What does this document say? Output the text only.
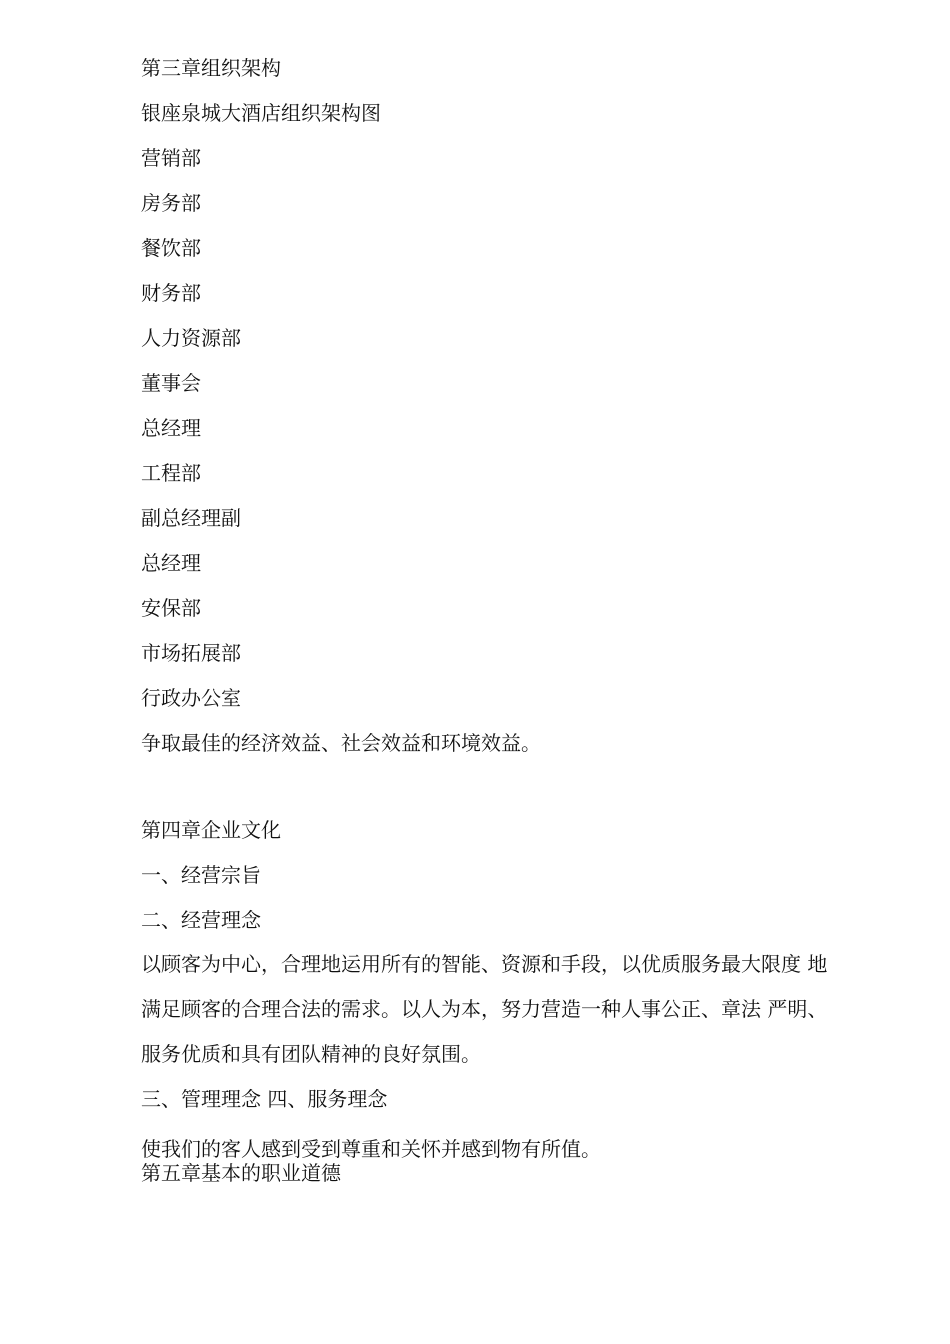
第三章组织架构

银座泉城大酒店组织架构图

营销部

房务部

餐饮部

财务部

人力资源部

董事会

总经理

工程部

副总经理副

总经理

安保部

市场拓展部

行政办公室

争取最佳的经济效益、社会效益和环境效益。

第四章企业文化

一、经营宗旨

二、经营理念

以顾客为中心，合理地运用所有的智能、资源和手段，以优质服务最大限度 地
满足顾客的合理合法的需求。以人为本，努力营造一种人事公正、章法 严明、
服务优质和具有团队精神的良好氛围。

三、管理理念 四、服务理念

使我们的客人感到受到尊重和关怀并感到物有所值。

第五章基本的职业道德
